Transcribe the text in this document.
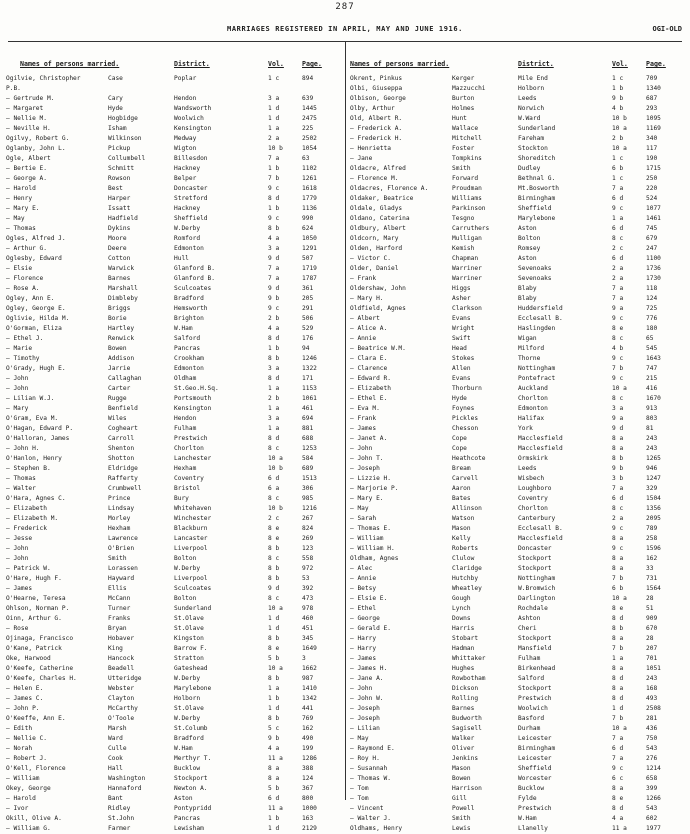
287
MARRIAGES REGISTERED IN APRIL, MAY AND JUNE 1916.	OGI-OLD
Names of persons married.	District.	Vol.	Page.
Ogilvie, Christopher	Case	Poplar	1 c	894
P.B.
— Gertrude M.	Cary	Hendon	3 a	639
— Margaret	Hyde	Wandsworth	1 d	1445
— Nellie M.	Hogbidge	Woolwich	1 d	2475
— Neville H.	Isham	Kensington	1 a	225
Ogilvy, Robert G.	Wilkinson	Medway	2 a	2502
Oglanby, John L.	Pickup	Wigton	10 b	1054
Ogle, Albert	Collumbell	Billesdon	7 a	63
— Bertie E.	Schmitt	Hackney	1 b	1102
— George A.	Rowson	Belper	7 b	1261
— Harold	Best	Doncaster	9 c	1618
— Henry	Harper	Stretford	8 d	1779
— Mary E.	Issatt	Hackney	1 b	1136
— May	Hadfield	Sheffield	9 c	990
— Thomas	Dykins	W.Derby	8 b	624
Ogles, Alfred J.	Moore	Romford	4 a	1050
— Arthur G.	Deere	Edmonton	3 a	1291
Oglesby, Edward	Cotton	Hull	9 d	507
— Elsie	Warwick	Glanford B.	7 a	1719
— Florence	Barnes	Glanford B.	7 a	1787
— Rose A.	Marshall	Sculcoates	9 d	361
Ogley, Ann E.	Dimbleby	Bradford	9 b	205
Ogley, George E.	Briggs	Hemsworth	9 c	291
Oglivie, Hilda M.	Borie	Brighton	2 b	506
O'Gorman, Eliza	Hartley	W.Ham	4 a	529
— Ethel J.	Renwick	Salford	8 d	176
— Marie	Bowen	Pancras	1 b	94
— Timothy	Addison	Crookham	8 b	1246
O'Grady, Hugh E.	Jarrie	Edmonton	3 a	1322
— John	Callaghan	Oldham	8 d	171
— John	Carter	St.Geo.H.Sq.	1 a	1153
— Lilian W.J.	Rugge	Portsmouth	2 b	1061
— Mary	Benfield	Kensington	1 a	461
O'Gram, Eva M.	Wiles	Hendon	3 a	694
O'Hagan, Edward P.	Cogheart	Fulham	1 a	881
O'Halloran, James	Carroll	Prestwich	8 d	688
— John H.	Shenton	Chorlton	8 c	1253
O'Hanlon, Henry	Shotton	Lanchester	10 a	584
— Stephen B.	Eldridge	Hexham	10 b	689
— Thomas	Rafferty	Coventry	6 d	1513
— Walter	Crumbwell	Bristol	6 a	306
O'Hara, Agnes C.	Prince	Bury	8 c	985
— Elizabeth	Lindsay	Whitehaven	10 b	1216
— Elizabeth M.	Morley	Winchester	2 c	267
— Frederick	Hexham	Blackburn	8 e	824
— Jesse	Lawrence	Lancaster	8 e	269
— John	O'Brien	Liverpool	8 b	123
— John	Smith	Bolton	8 c	558
— Patrick W.	Lorassen	W.Derby	8 b	972
O'Hare, Hugh F.	Hayward	Liverpool	8 b	53
— James	Ellis	Sculcoates	9 d	392
O'Hearne, Teresa	McCann	Bolton	8 c	473
Ohlson, Norman P.	Turner	Sunderland	10 a	978
Oinn, Arthur G.	Franks	St.Olave	1 d	460
— Rose	Bryan	St.Olave	1 d	451
Ojinaga, Francisco	Hobaver	Kingston	8 b	345
O'Kane, Patrick	King	Barrow F.	8 e	1649
Oke, Harwood	Hancock	Stratton	5 b	3
O'Keefe, Catherine	Beadell	Gateshead	10 a	1662
O'Keefe, Charles H.	Utteridge	W.Derby	8 b	987
— Helen E.	Webster	Marylebone	1 a	1410
— James C.	Clayton	Holborn	1 b	1342
— John P.	McCarthy	St.Olave	1 d	441
O'Keeffe, Ann E.	O'Toole	W.Derby	8 b	769
— Edith	Marsh	St.Columb	5 c	162
— Nellie C.	Ward	Bradford	9 b	490
— Norah	Culle	W.Ham	4 a	199
— Robert J.	Cook	Merthyr T.	11 a	1286
O'Kell, Florence	Hall	Bucklow	8 a	388
— William	Washington	Stockport	8 a	124
Okey, George	Hannaford	Newton A.	5 b	367
— Harold	Bant	Aston	6 d	800
— Ivor	Ridley	Pontypridd	11 a	1000
Okill, Olive A.	St.John	Pancras	1 b	163
— William G.	Farmer	Lewisham	1 d	2129
Names of persons married.	District.	Vol.	Page.
Okrent, Pinkus	Kerger	Mile End	1 c	709
Olbi, Giuseppa	Mazzucchi	Holborn	1 b	1340
Olbison, George	Burton	Leeds	9 b	687
Olby, Arthur	Holmes	Norwich	4 b	293
Old, Albert R.	Hunt	W.Ward	10 b	1095
— Frederick A.	Wallace	Sunderland	10 a	1169
— Frederick H.	Mitchell	Fareham	2 b	340
— Henrietta	Foster	Stockton	10 a	117
— Jane	Tompkins	Shoreditch	1 c	190
Oldacre, Alfred	Smith	Dudley	6 b	1715
— Florence M.	Forward	Bethnal G.	1 c	250
Oldacres, Florence A.	Proudman	Mt.Bosworth	7 a	220
Oldaker, Beatrice	Williams	Birmingham	6 d	524
Oldale, Gladys	Parkinson	Sheffield	9 c	1077
Oldano, Caterina	Tesgno	Marylebone	1 a	1461
Oldbury, Albert	Carruthers	Aston	6 d	745
Oldcorn, Mary	Mulligan	Bolton	8 c	679
Olden, Harford	Kemish	Romsey	2 c	247
— Victor C.	Chapman	Aston	6 d	1100
Older, Daniel	Warriner	Sevenoaks	2 a	1736
— Frank	Warriner	Sevenoaks	2 a	1730
Oldershaw, John	Higgs	Blaby	7 a	118
— Mary H.	Asher	Blaby	7 a	124
Oldfield, Agnes	Clarkson	Huddersfield	9 a	725
— Albert	Evans	Ecclesall B.	9 c	776
— Alice A.	Wright	Haslingden	8 e	180
— Annie	Swift	Wigan	8 c	65
— Beatrice W.M.	Head	Milford	4 b	545
— Clara E.	Stokes	Thorne	9 c	1643
— Clarence	Allen	Nottingham	7 b	747
— Edward R.	Evans	Pontefract	9 c	215
— Elizabeth	Thorburn	Auckland	10 a	416
— Ethel E.	Hyde	Chorlton	8 c	1670
— Eva M.	Foynes	Edmonton	3 a	913
— Frank	Pickles	Halifax	9 a	803
— James	Chesson	York	9 d	81
— Janet A.	Cope	Macclesfield	8 a	243
— John	Cope	Macclesfield	8 a	243
— John T.	Heathcote	Ormskirk	8 b	1265
— Joseph	Bream	Leeds	9 b	946
— Lizzie H.	Carvell	Wisbech	3 b	1247
— Marjorie P.	Aaron	Loughboro	7 a	329
— Mary E.	Bates	Coventry	6 d	1504
— May	Allinson	Chorlton	8 c	1356
— Sarah	Watson	Canterbury	2 a	2095
— Thomas E.	Mason	Ecclesall B.	9 c	789
— William	Kelly	Macclesfield	8 a	258
— William H.	Roberts	Doncaster	9 c	1596
Oldham, Agnes	Clulow	Stockport	8 a	162
— Alec	Claridge	Stockport	8 a	33
— Annie	Hutchby	Nottingham	7 b	731
— Betsy	Wheatley	W.Bromwich	6 b	1564
— Elsie E.	Gough	Darlington	10 a	28
— Ethel	Lynch	Rochdale	8 e	51
— George	Downs	Ashton	8 d	909
— Gerald E.	Harris	Cheri	8 b	670
— Harry	Stobart	Stockport	8 a	28
— Harry	Hadman	Mansfield	7 b	207
— James	Whittaker	Fulham	1 a	701
— James H.	Hughes	Birkenhead	8 a	1051
— Jane A.	Rowbotham	Salford	8 d	243
— John	Dickson	Stockport	8 a	168
— John W.	Rolling	Prestwich	8 d	493
— Joseph	Barnes	Woolwich	1 d	2508
— Joseph	Budworth	Basford	7 b	281
— Lilian	Sagisell	Durham	10 a	436
— May	Walker	Leicester	7 a	750
— Raymond E.	Oliver	Birmingham	6 d	543
— Roy H.	Jenkins	Leicester	7 a	276
— Susannah	Mason	Sheffield	9 c	1214
— Thomas W.	Bowen	Worcester	6 c	658
— Tom	Harrison	Bucklow	8 a	399
— Tom	Gill	Fylde	8 e	1266
— Vincent	Powell	Prestwich	8 d	543
— Walter J.	Smith	W.Ham	4 a	602
Oldhams, Henry	Lewis	Llanelly	11 a	1977
